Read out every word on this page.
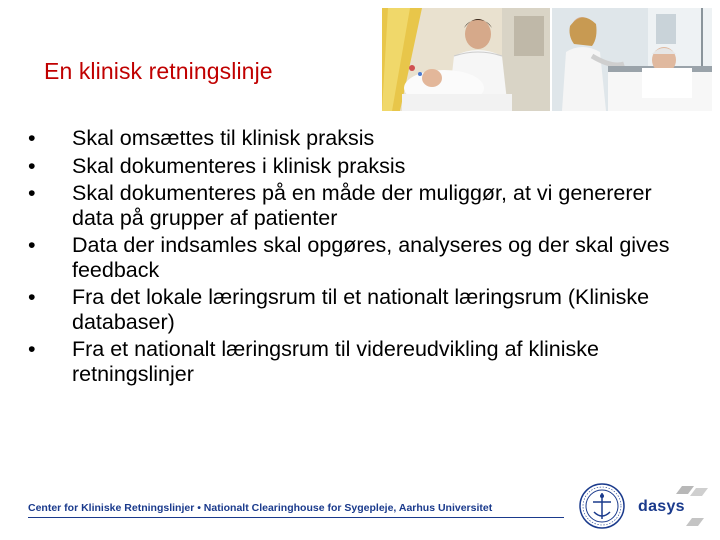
En klinisk retningslinje
• Skal omsættes til klinisk praksis
• Skal dokumenteres i klinisk praksis
• Skal dokumenteres på en måde der muliggør, at vi genererer data på grupper af patienter
• Data der indsamles skal opgøres, analyseres og der skal gives feedback
• Fra det lokale læringsrum til et nationalt læringsrum (Kliniske databaser)
• Fra et nationalt læringsrum til videreudvikling af kliniske retningslinjer
Center for Kliniske Retningslinjer • Nationalt Clearinghouse for Sygepleje, Aarhus Universitet	dasys
